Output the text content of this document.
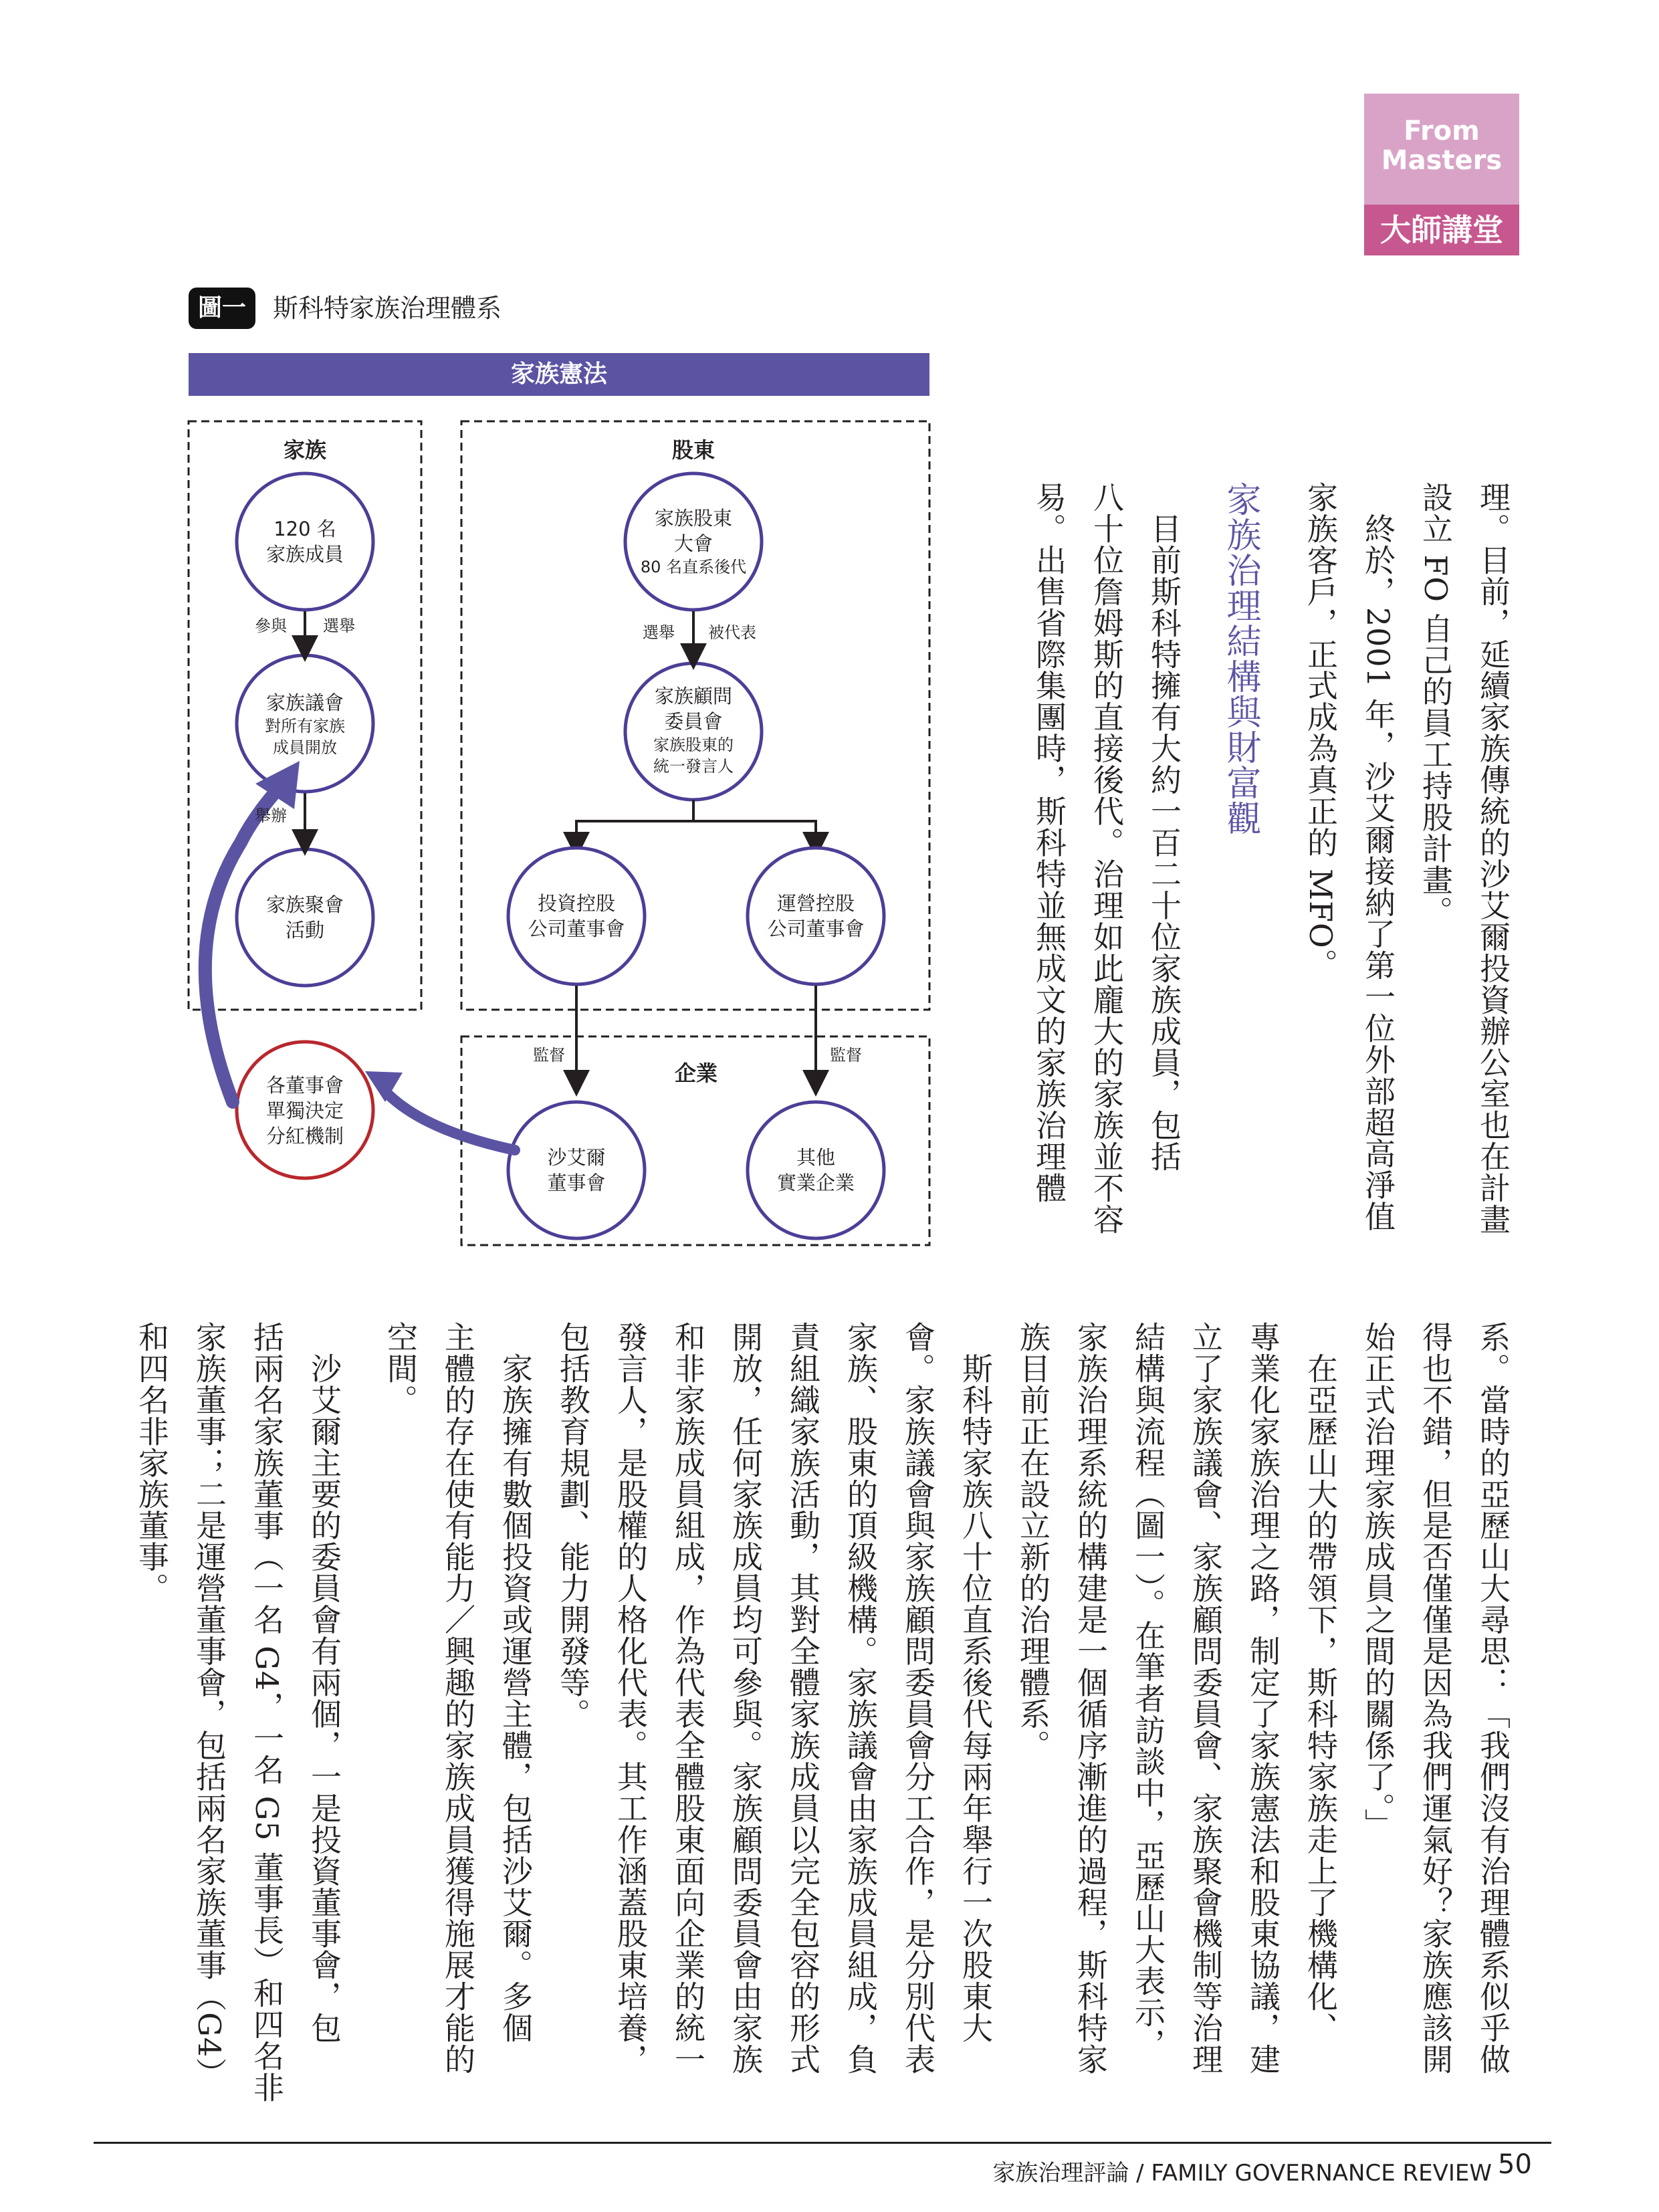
From
Masters
大師講堂
圖一	斯科特家族治理體系
家族憲法
家族
120 名
家族成員
參與	選舉
家族議會
對所有家族
成員開放
舉辦
家族聚會
活動
股東
家族股東
大會
80 名直系後代
選舉	被代表
家族顧問
委員會
家族股東的
統一發言人
投資控股
公司董事會
運營控股
公司董事會
監督	監督
企業
沙艾爾
董事會
其他
實業企業
各董事會
單獨決定
分紅機制	理。目前，延續家族傳統的沙艾爾投資辦公室也在計畫
設立 FO 自己的員工持股計畫。
　終於，2001 年，沙艾爾接納了第一位外部超高淨值
家族客戶，正式成為真正的 MFO。
家族治理結構與財富觀
　目前斯科特擁有大約一百二十位家族成員，包括
八十位詹姆斯的直接後代。治理如此龐大的家族並不容
易。出售省際集團時，斯科特並無成文的家族治理體
系。當時的亞歷山大尋思：「我們沒有治理體系似乎做
得也不錯，但是否僅僅是因為我們運氣好？家族應該開
始正式治理家族成員之間的關係了。」
　在亞歷山大的帶領下，斯科特家族走上了機構化、
專業化家族治理之路，制定了家族憲法和股東協議，建
立了家族議會、家族顧問委員會、家族聚會機制等治理
結構與流程（圖一）。在筆者訪談中，亞歷山大表示，
家族治理系統的構建是一個循序漸進的過程，斯科特家
族目前正在設立新的治理體系。
　斯科特家族八十位直系後代每兩年舉行一次股東大
會。家族議會與家族顧問委員會分工合作，是分別代表
家族、股東的頂級機構。家族議會由家族成員組成，負
責組織家族活動，其對全體家族成員以完全包容的形式
開放，任何家族成員均可參與。家族顧問委員會由家族
和非家族成員組成，作為代表全體股東面向企業的統一
發言人，是股權的人格化代表。其工作涵蓋股東培養，
包括教育規劃、能力開發等。
　家族擁有數個投資或運營主體，包括沙艾爾。多個
主體的存在使有能力／興趣的家族成員獲得施展才能的
空間。
　沙艾爾主要的委員會有兩個，一是投資董事會，包
括兩名家族董事（一名 G4，一名 G5 董事長）和四名非
家族董事；二是運營董事會，包括兩名家族董事（G4）
和四名非家族董事。
家族治理評論 / FAMILY GOVERNANCE REVIEW 50
